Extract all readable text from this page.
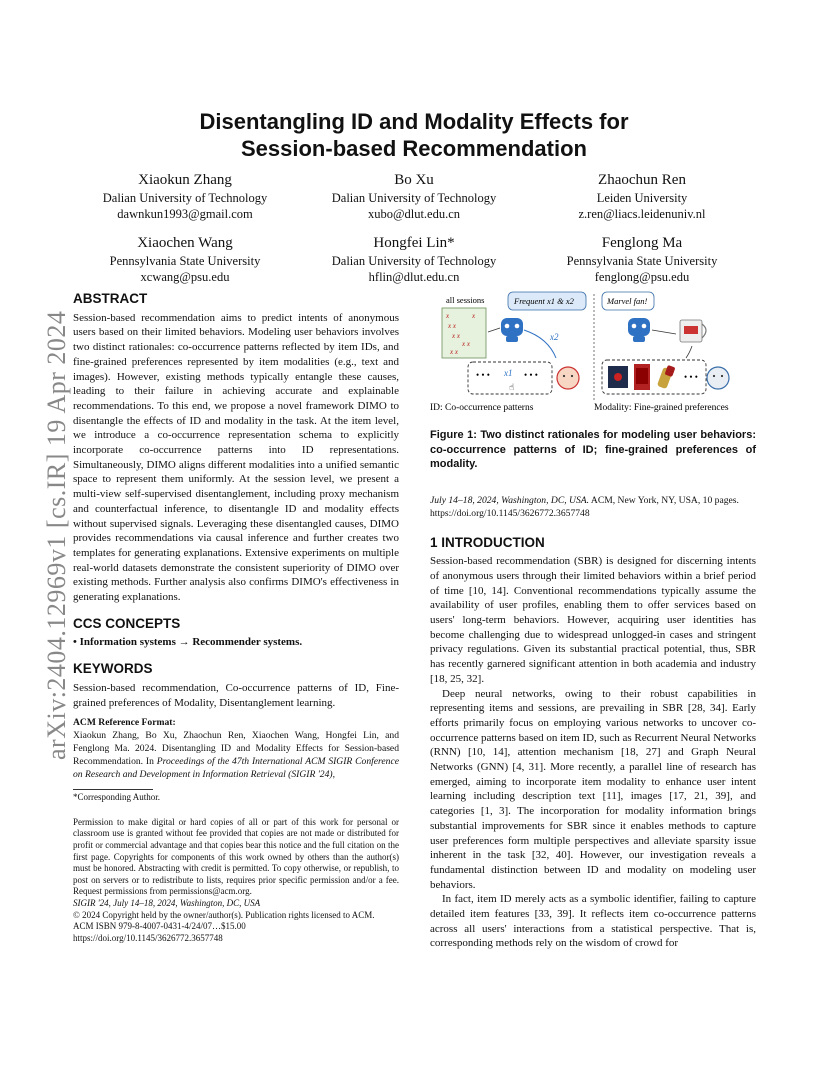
Disentangling ID and Modality Effects for
Session-based Recommendation
Xiaokun Zhang
Dalian University of Technology
dawnkun1993@gmail.com
Bo Xu
Dalian University of Technology
xubo@dlut.edu.cn
Zhaochun Ren
Leiden University
z.ren@liacs.leidenuniv.nl
Xiaochen Wang
Pennsylvania State University
xcwang@psu.edu
Hongfei Lin*
Dalian University of Technology
hflin@dlut.edu.cn
Fenglong Ma
Pennsylvania State University
fenglong@psu.edu
arXiv:2404.12969v1 [cs.IR] 19 Apr 2024
ABSTRACT

Session-based recommendation aims to predict intents of anonymous users based on their limited behaviors. Modeling user behaviors involves two distinct rationales: co-occurrence patterns reflected by item IDs, and fine-grained preferences represented by item modalities (e.g., text and images). However, existing methods typically entangle these causes, leading to their failure in achieving accurate and explainable recommendations. To this end, we propose a novel framework DIMO to disentangle the effects of ID and modality in the task. At the item level, we introduce a co-occurrence representation schema to explicitly incorporate co-occurrence patterns into ID representations. Simultaneously, DIMO aligns different modalities into a unified semantic space to represent them uniformly. At the session level, we present a multi-view self-supervised disentanglement, including proxy mechanism and counterfactual inference, to disentangle ID and modality effects without supervised signals. Leveraging these disentangled causes, DIMO provides recommendations via causal inference and further creates two templates for generating explanations. Extensive experiments on multiple real-world datasets demonstrate the consistent superiority of DIMO over existing methods. Further analysis also confirms DIMO's effectiveness in generating explanations.

CCS CONCEPTS

• Information systems → Recommender systems.

KEYWORDS

Session-based recommendation, Co-occurrence patterns of ID, Fine-grained preferences of Modality, Disentanglement learning.

ACM Reference Format:
Xiaokun Zhang, Bo Xu, Zhaochun Ren, Xiaochen Wang, Hongfei Lin, and Fenglong Ma. 2024. Disentangling ID and Modality Effects for Session-based Recommendation. In Proceedings of the 47th International ACM SIGIR Conference on Research and Development in Information Retrieval (SIGIR '24),
*Corresponding Author.
Permission to make digital or hard copies of all or part of this work for personal or classroom use is granted without fee provided that copies are not made or distributed for profit or commercial advantage and that copies bear this notice and the full citation on the first page. Copyrights for components of this work owned by others than the author(s) must be honored. Abstracting with credit is permitted. To copy otherwise, or republish, to post on servers or to redistribute to lists, requires prior specific permission and/or a fee. Request permissions from permissions@acm.org.
SIGIR '24, July 14–18, 2024, Washington, DC, USA
© 2024 Copyright held by the owner/author(s). Publication rights licensed to ACM.
ACM ISBN 979-8-4007-0431-4/24/07…$15.00
https://doi.org/10.1145/3626772.3657748
all sessions
x	x
x x
x x
x x
x x
Frequent x1 & x2
x2
• • • x1 • • •
☝
ID: Co-occurrence patterns
Marvel fan!
• • •
Modality: Fine-grained preferences
Figure 1: Two distinct rationales for modeling user behaviors: co-occurrence patterns of ID; fine-grained preferences of modality.
July 14–18, 2024, Washington, DC, USA. ACM, New York, NY, USA, 10 pages.
https://doi.org/10.1145/3626772.3657748
1 INTRODUCTION

Session-based recommendation (SBR) is designed for discerning intents of anonymous users through their limited behaviors within a brief period of time [10, 14]. Conventional recommendations typically assume the availability of user profiles, enabling them to offer services based on users' long-term behaviors. However, acquiring user identities has become challenging due to widespread unlogged-in cases and stringent privacy regulations. Given its substantial practical potential, thus, SBR has recently garnered significant attention in both academia and industry [18, 25, 32].

Deep neural networks, owing to their robust capabilities in representing items and sessions, are prevailing in SBR [28, 34]. Early efforts primarily focus on employing various networks to uncover co-occurrence patterns based on item ID, such as Recurrent Neural Networks (RNN) [10, 14], attention mechanism [18, 27] and Graph Neural Networks (GNN) [4, 31]. More recently, a parallel line of research has emerged, aiming to incorporate item modality to enhance user intent learning including description text [11], images [17, 21, 39], and categories [1, 3]. The incorporation for modality information brings substantial improvements for SBR since it enables methods to capture user preferences form multiple perspectives and alleviate sparsity issue inherent in the task [32, 40]. However, our investigation reveals a fundamental distinction between ID and modality on modeling user behaviors.

In fact, item ID merely acts as a symbolic identifier, failing to capture detailed item features [33, 39]. It reflects item co-occurrence patterns across all users' interactions from a statistical perspective. That is, corresponding methods rely on the wisdom of crowd for
